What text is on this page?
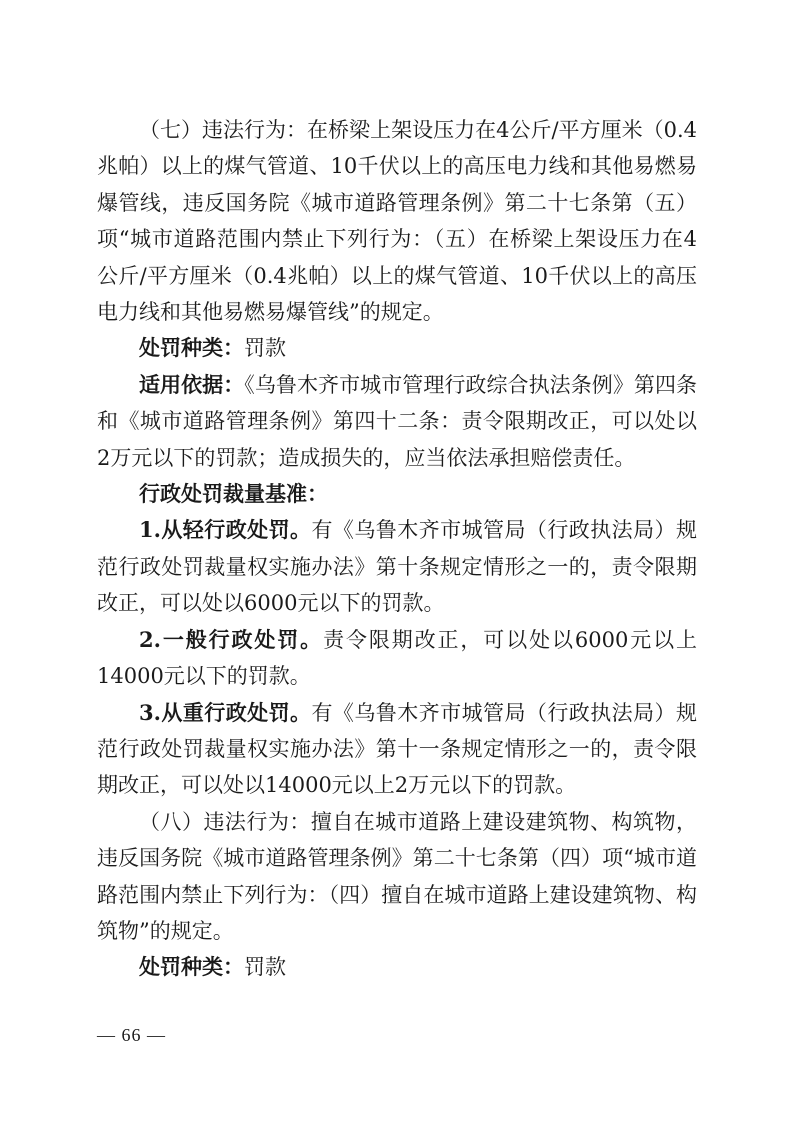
（七）违法行为：在桥梁上架设压力在4公斤/平方厘米（0.4兆帕）以上的煤气管道、10千伏以上的高压电力线和其他易燃易爆管线，违反国务院《城市道路管理条例》第二十七条第（五）项“城市道路范围内禁止下列行为：（五）在桥梁上架设压力在4公斤/平方厘米（0.4兆帕）以上的煤气管道、10千伏以上的高压电力线和其他易燃易爆管线”的规定。

处罚种类：罚款

适用依据：《乌鲁木齐市城市管理行政综合执法条例》第四条和《城市道路管理条例》第四十二条：责令限期改正，可以处以2万元以下的罚款；造成损失的，应当依法承担赔偿责任。

行政处罚裁量基准：

1.从轻行政处罚。有《乌鲁木齐市城管局（行政执法局）规范行政处罚裁量权实施办法》第十条规定情形之一的，责令限期改正，可以处以6000元以下的罚款。

2.一般行政处罚。责令限期改正，可以处以6000元以上14000元以下的罚款。

3.从重行政处罚。有《乌鲁木齐市城管局（行政执法局）规范行政处罚裁量权实施办法》第十一条规定情形之一的，责令限期改正，可以处以14000元以上2万元以下的罚款。

（八）违法行为：擅自在城市道路上建设建筑物、构筑物，违反国务院《城市道路管理条例》第二十七条第（四）项“城市道路范围内禁止下列行为：（四）擅自在城市道路上建设建筑物、构筑物”的规定。

处罚种类：罚款

— 66 —
